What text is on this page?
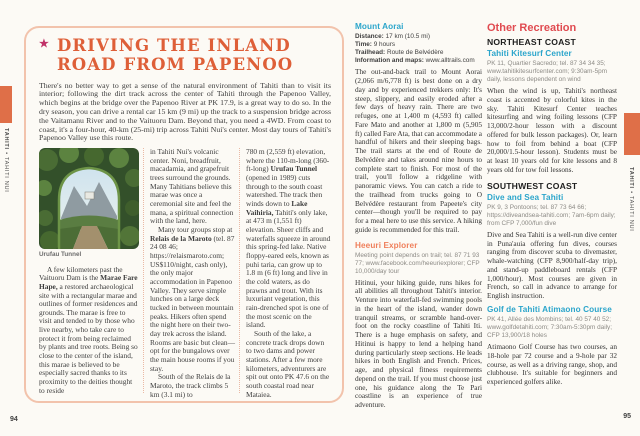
TAHITI • TAHITI NUI	TAHITI • TAHITI NUI
★ DRIVING THE INLAND
ROAD FROM PAPENOO

There's no better way to get a sense of the natural environment of Tahiti than to visit its interior; following the dirt track across the center of Tahiti through the Papenoo Valley, which begins at the bridge over the Papenoo River at PK 17.9, is a great way to do so. In the dry season, you can drive a rental car 15 km (9 mi) up the track to a suspension bridge across the Vaitamanu River and to the Vaituoru Dam. Beyond that, you need a 4WD. From coast to coast, it's a four-hour, 40-km (25-mi) trip across Tahiti Nui's center. Most day tours of Tahiti's Papenoo Valley use this route.

Urufau Tunnel

A few kilometers past the Vaituoru Dam is the Marae Fare Hape, a restored archaeological site with a rectangular marae and outlines of former residences and grounds. The marae is free to visit and tended to by those who live nearby, who take care to protect it from being reclaimed by plants and tree roots. Being so close to the center of the island, this marae is believed to be especially sacred thanks to its proximity to the deities thought to reside

in Tahiti Nui's volcanic center. Noni, breadfruit, macadamia, and grapefruit trees surround the grounds. Many Tahitians believe this marae was once a ceremonial site and feel the mana, a spiritual connection with the land, here.

Many tour groups stop at Relais de la Maroto (tel. 87 24 08 46; https://relaismaroto.com; US$110/night, cash only), the only major accommodation in Papenoo Valley. They serve simple lunches on a large deck tucked in between mountain peaks. Hikers often spend the night here on their two-day trek across the island. Rooms are basic but clean—opt for the bungalows over the main house rooms if you stay.

South of the Relais de la Maroto, the track climbs 5 km (3.1 mi) to

780 m (2,559 ft) elevation, where the 110-m-long (360-ft-long) Urufau Tunnel (opened in 1989) cuts through to the south coast watershed. The track then winds down to Lake Vaihiria, Tahiti's only lake, at 473 m (1,551 ft) elevation. Sheer cliffs and waterfalls squeeze in around this spring-fed lake. Native floppy-eared eels, known as puhi taria, can grow up to 1.8 m (6 ft) long and live in the cold waters, as do prawns and trout. With its luxuriant vegetation, this rain-drenched spot is one of the most scenic on the island.

South of the lake, a concrete track drops down to two dams and power stations. After a few more kilometers, adventurers are spit out onto PK 47.6 on the south coastal road near Mataiea.

Mount Aorai
Distance: 17 km (10.5 mi)
Time: 9 hours
Trailhead: Route de Belvédère
Information and maps: www.alltrails.com

The out-and-back trail to Mount Aorai (2,066 m/6,778 ft) is best done on a dry day and by experienced trekkers only: It's steep, slippery, and easily eroded after a few days of heavy rain. There are two refuges, one at 1,400 m (4,593 ft) called Fare Mato and another at 1,800 m (5,905 ft) called Fare Ata, that can accommodate a handful of hikers and their sleeping bags. The trail starts at the end of Route de Belvédère and takes around nine hours to complete start to finish. For most of the trail, you'll follow a ridgeline with panoramic views. You can catch a ride to the trailhead from trucks going to O Belvédère restaurant from Papeete's city center—though you'll be required to pay for a meal here to use this service. A hiking guide is recommended for this trail.

Heeuri Explorer
Meeting point depends on trail; tel. 87 71 93 77; www.facebook.com/heeuriexplorer; CFP 10,000/day tour

Hitinui, your hiking guide, runs hikes for all abilities all throughout Tahiti's interior. Venture into waterfall-fed swimming pools in the heart of the island, wander down tranquil streams, or scramble hand-over-foot on the rocky coastline of Tahiti Iti. There is a huge emphasis on safety, and Hitinui is happy to lend a helping hand during particularly steep sections. He leads hikes in both English and French. Prices, age, and physical fitness requirements depend on the trail. If you must choose just one, his guidance along the Te Pari coastline is an experience of true adventure.

Other Recreation
NORTHEAST COAST
Tahiti Kitesurf Center
PK 11, Quartier Sacredo; tel. 87 34 34 35; www.tahitikitesurfcenter.com; 9:30am-5pm daily, lessons dependent on wind

When the wind is up, Tahiti's northeast coast is accented by colorful kites in the sky. Tahiti Kitesurf Center teaches kitesurfing and wing foiling lessons (CFP 13,000/2-hour lesson with a discount offered for bulk lesson packages). Or, learn how to foil from behind a boat (CFP 20,000/1.5-hour lesson). Students must be at least 10 years old for kite lessons and 8 years old for tow foil lessons.

SOUTHWEST COAST
Dive and Sea Tahiti
PK 9, 3 Pontoons; tel. 87 73 64 66; https://diveandsea-tahiti.com; 7am-6pm daily; from CFP 7,000/fun dive

Dive and Sea Tahiti is a well-run dive center in Puna'auia offering fun dives, courses ranging from discover scuba to divemaster, whale-watching (CFP 8,900/half-day trip), and stand-up paddleboard rentals (CFP 1,000/hour). Most courses are given in French, so call in advance to arrange for English instruction.

Golf de Tahiti Atimaono Course
PK 41, Allée des Mombins; tel. 40 57 40 52; www.golfdetahiti.com; 7:30am-5:30pm daily; CFP 13,900/18 holes

Atimaono Golf Course has two courses, an 18-hole par 72 course and a 9-hole par 32 course, as well as a driving range, shop, and clubhouse. It's suitable for beginners and experienced golfers alike.

94	95
